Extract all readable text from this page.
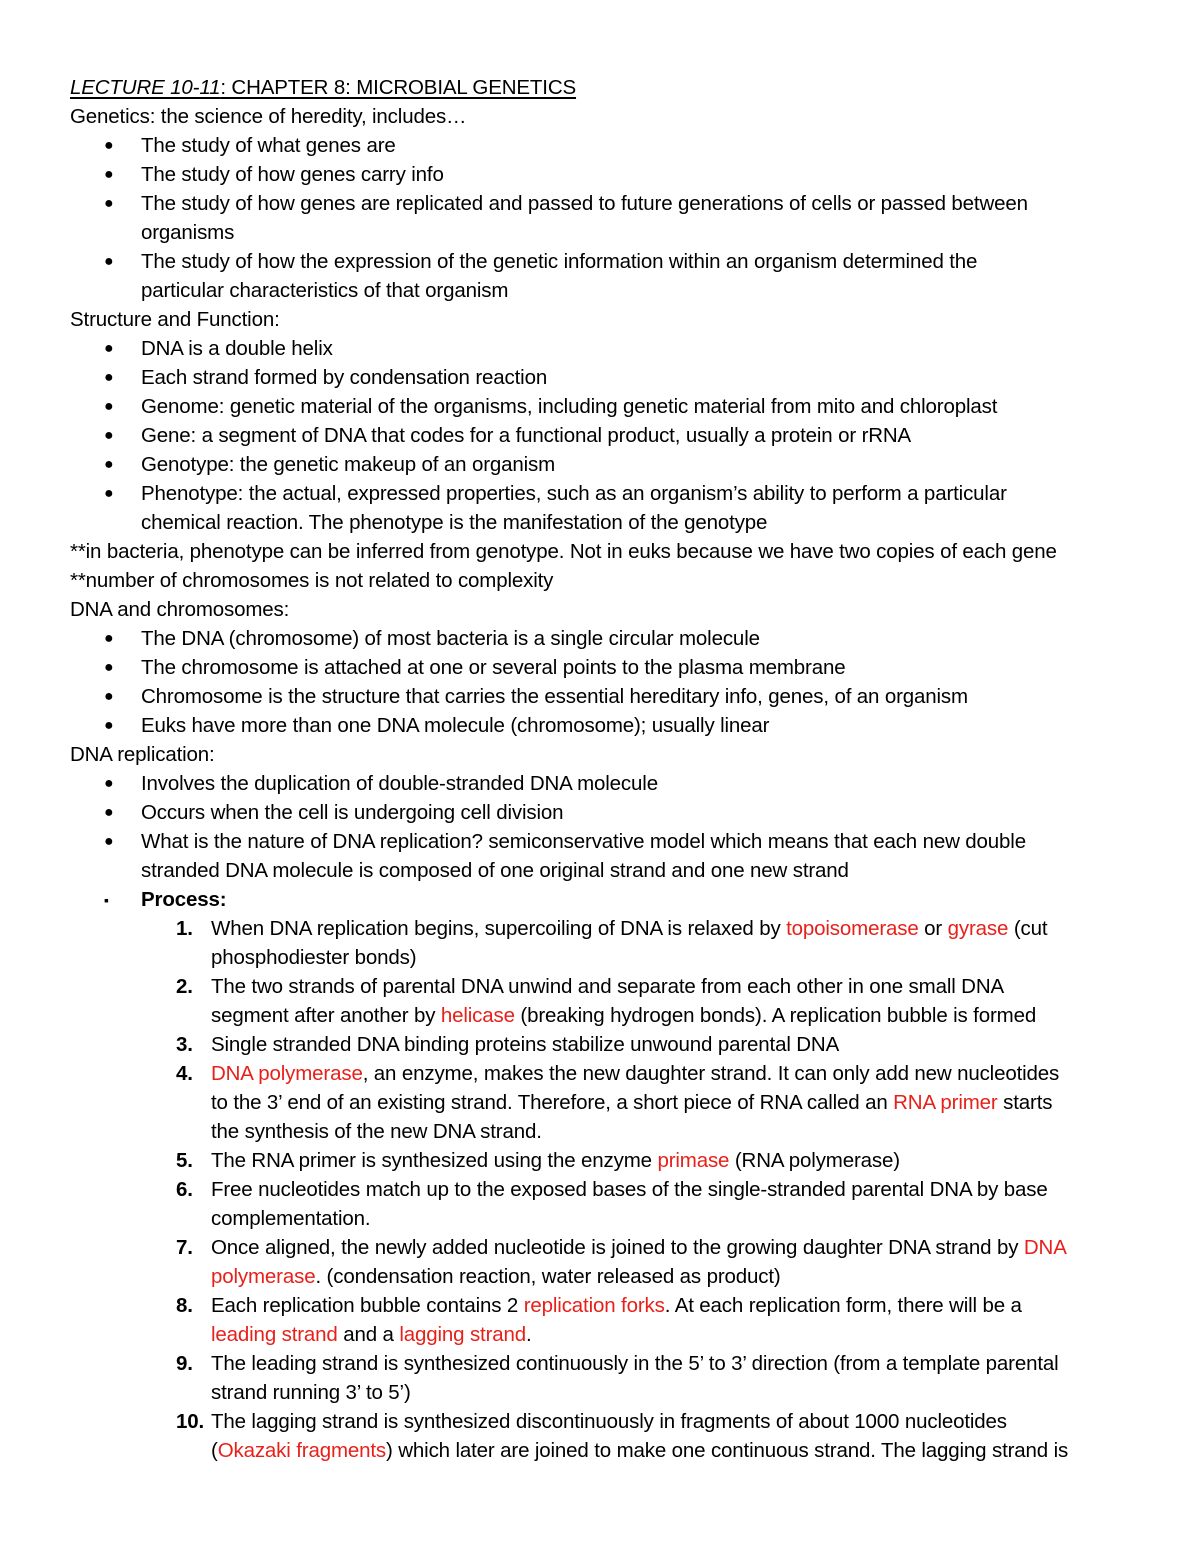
LECTURE 10-11: CHAPTER 8: MICROBIAL GENETICS
Genetics: the science of heredity, includes…
● The study of what genes are
● The study of how genes carry info
● The study of how genes are replicated and passed to future generations of cells or passed between
organisms
● The study of how the expression of the genetic information within an organism determined the
particular characteristics of that organism
Structure and Function:
● DNA is a double helix
● Each strand formed by condensation reaction
● Genome: genetic material of the organisms, including genetic material from mito and chloroplast
● Gene: a segment of DNA that codes for a functional product, usually a protein or rRNA
● Genotype: the genetic makeup of an organism
● Phenotype: the actual, expressed properties, such as an organism’s ability to perform a particular
chemical reaction. The phenotype is the manifestation of the genotype
**in bacteria, phenotype can be inferred from genotype. Not in euks because we have two copies of each gene
**number of chromosomes is not related to complexity
DNA and chromosomes:
● The DNA (chromosome) of most bacteria is a single circular molecule
● The chromosome is attached at one or several points to the plasma membrane
● Chromosome is the structure that carries the essential hereditary info, genes, of an organism
● Euks have more than one DNA molecule (chromosome); usually linear
DNA replication:
● Involves the duplication of double-stranded DNA molecule
● Occurs when the cell is undergoing cell division
● What is the nature of DNA replication? semiconservative model which means that each new double
stranded DNA molecule is composed of one original strand and one new strand
▪ Process:
1. When DNA replication begins, supercoiling of DNA is relaxed by topoisomerase or gyrase (cut
phosphodiester bonds)
2. The two strands of parental DNA unwind and separate from each other in one small DNA
segment after another by helicase (breaking hydrogen bonds). A replication bubble is formed
3. Single stranded DNA binding proteins stabilize unwound parental DNA
4. DNA polymerase, an enzyme, makes the new daughter strand. It can only add new nucleotides
to the 3’ end of an existing strand. Therefore, a short piece of RNA called an RNA primer starts
the synthesis of the new DNA strand.
5. The RNA primer is synthesized using the enzyme primase (RNA polymerase)
6. Free nucleotides match up to the exposed bases of the single-stranded parental DNA by base
complementation.
7. Once aligned, the newly added nucleotide is joined to the growing daughter DNA strand by DNA
polymerase. (condensation reaction, water released as product)
8. Each replication bubble contains 2 replication forks. At each replication form, there will be a
leading strand and a lagging strand.
9. The leading strand is synthesized continuously in the 5’ to 3’ direction (from a template parental
strand running 3’ to 5’)
10. The lagging strand is synthesized discontinuously in fragments of about 1000 nucleotides
(Okazaki fragments) which later are joined to make one continuous strand. The lagging strand is
